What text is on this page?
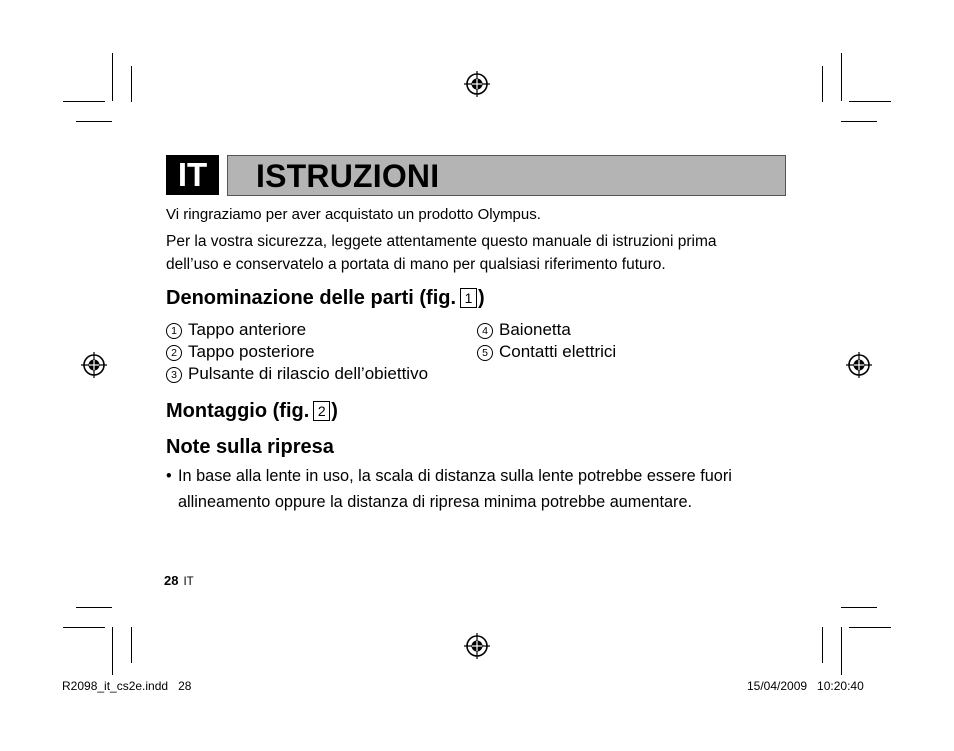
IT	ISTRUZIONI

Vi ringraziamo per aver acquistato un prodotto Olympus.

Per la vostra sicurezza, leggete attentamente questo manuale di istruzioni prima

dell’uso e conservatelo a portata di mano per qualsiasi riferimento futuro.

Denominazione delle parti (fig. 1 )
1 Tappo anteriore
2 Tappo posteriore
3 Pulsante di rilascio dell’obiettivo
4 Baionetta
5 Contatti elettrici
Montaggio (fig. 2 )
Note sulla ripresa
• In base alla lente in uso, la scala di distanza sulla lente potrebbe essere fuori
allineamento oppure la distanza di ripresa minima potrebbe aumentare.
28 IT
R2098_it_cs2e.indd   28	15/04/2009   10:20:40
